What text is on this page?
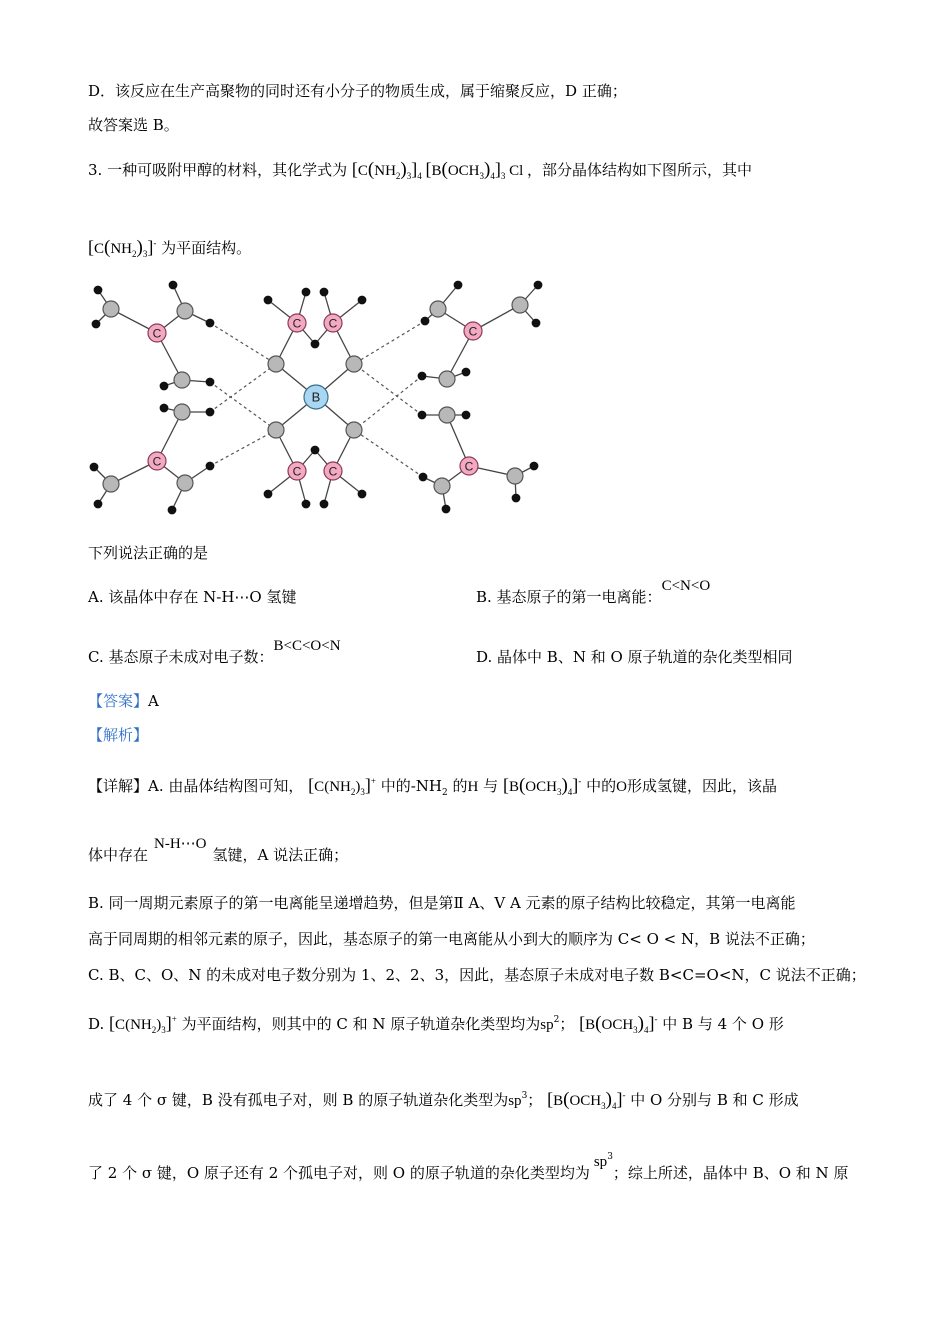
D．该反应在生产高聚物的同时还有小分子的物质生成，属于缩聚反应，D 正确；
故答案选 B。
3. 一种可吸附甲醇的材料，其化学式为 $[C(NH_2)_3]_4$ $[B(OCH_3)_4]_3$ Cl ，部分晶体结构如下图所示，其中
$[C(NH_2)_3]^-$ 为平面结构。
C C
C C
C
C
C
C
B
下列说法正确的是
A. 该晶体中存在 N-H⋯O 氢键	B. 基态原子的第一电离能：C<N<O
C. 基态原子未成对电子数：B<C<O<N
D. 晶体中 B、N 和 O 原子轨道的杂化类型相同
【答案】A
【解析】
【详解】A. 由晶体结构图可知， $[C(NH_2)_3]^+$ 中的$-NH_2$ 的H 与 $[B(OCH_3)_4]^-$ 中的O形成氢键，因此，该晶
体中存在N-H⋯O氢键，A 说法正确；
B. 同一周期元素原子的第一电离能呈递增趋势，但是第Ⅱ A、Ⅴ A 元素的原子结构比较稳定，其第一电离能
高于同周期的相邻元素的原子，因此，基态原子的第一电离能从小到大的顺序为 C< O < N，B 说法不正确；
C. B、C、O、N 的未成对电子数分别为 1、2、2、3，因此，基态原子未成对电子数 B<C=O<N，C 说法不正确；
D. $[C(NH_2)_3]^+$ 为平面结构，则其中的 C 和 N 原子轨道杂化类型均为$sp^2$； $[B(OCH_3)_4]^-$ 中 B 与 4 个 O 形
成了 4 个 σ 键，B 没有孤电子对，则 B 的原子轨道杂化类型为$sp^3$； $[B(OCH_3)_4]^-$ 中 O 分别与 B 和 C 形成
了 2 个 σ 键，O 原子还有 2 个孤电子对，则 O 的原子轨道的杂化类型均为$sp^3$；综上所述，晶体中 B、O 和 N 原
